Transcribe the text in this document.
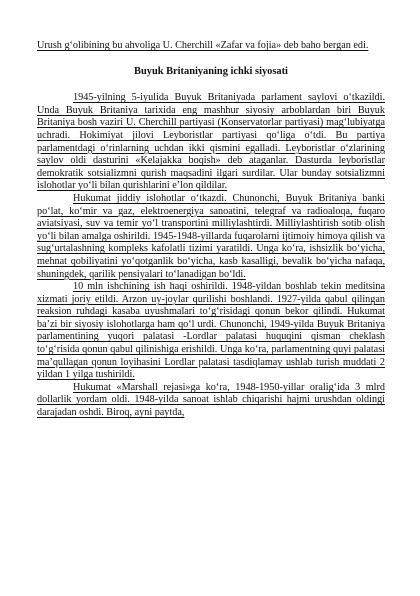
Urush g‘olibining bu ahvoliga U. Cherchill «Zafar va fojia» deb baho bergan edi.

Buyuk Britaniyaning ichki siyosati

1945-yilning 5-iyulida Buyuk Britaniyada parlament saylovi o‘tkazildi. Unda Buyuk Britaniya tarixida eng mashhur siyosiy arboblardan biri Buyuk Britaniya bosh vaziri U. Cherchill partiyasi (Konservatorlar partiyasi) mag‘lubiyatga uchradi. Hokimiyat jilovi Leyboristlar partiyasi qo‘liga o‘tdi. Bu partiya parlamentdagi o‘rinlarning uchdan ikki qismini egalladi. Leyboristlar o‘zlarining saylov oldi dasturini «Kelajakka boqish» deb ataganlar. Dasturda leyboristlar demokratik sotsializmni qurish maqsadini ilgari surdilar. Ular bunday sotsializmni islohotlar yo‘li bilan qurishlarini e’lon qildilar.

Hukumat jiddiy islohotlar o‘tkazdi. Chunonchi, Buyuk Britaniya banki po‘lat, ko‘mir va gaz, elektroenergiya sanoatini, telegraf va radioaloqa, fuqaro aviatsiyasi, suv va temir yo‘l transportini milliylashtirdi. Milliylashtirish sotib olish yo‘li bilan amalga oshirildi. 1945-1948-yillarda fuqarolarni ijtimoiy himoya qilish va sug‘urtalashning kompleks kafolatli tizimi yaratildi. Unga ko‘ra, ishsizlik bo‘yicha, mehnat qobiliyatini yo‘qotganlik bo‘yicha, kasb kasalligi, bevalik bo‘yicha nafaqa, shuningdek, qarilik pensiyalari to‘lanadigan bo‘ldi.

10 mln ishchining ish haqi oshirildi. 1948-yildan boshlab tekin meditsina xizmati joriy etildi. Arzon uy-joylar qurilishi boshlandi. 1927-yilda qabul qilingan reaksion ruhdagi kasaba uyushmalari to‘g‘risidagi qonun bekor qilindi. Hukumat ba’zi bir siyosiy islohotlarga ham qo‘l urdi. Chunonchi, 1949-yilda Buyuk Britaniya parlamentining yuqori palatasi -Lordlar palatasi huquqini qisman cheklash to‘g‘risida qonun qabul qilinishiga erishildi. Unga ko‘ra, parlamentning quyi palatasi ma’qullagan qonun loyihasini Lordlar palatasi tasdiqlamay ushlab turish muddati 2 yildan 1 yilga tushirildi.

Hukumat «Marshall rejasi»ga ko‘ra, 1948-1950-yillar oralig‘ida 3 mlrd dollarlik yordam oldi. 1948-yilda sanoat ishlab chiqarishi hajmi urushdan oldingi darajadan oshdi. Biroq, ayni paytda,
